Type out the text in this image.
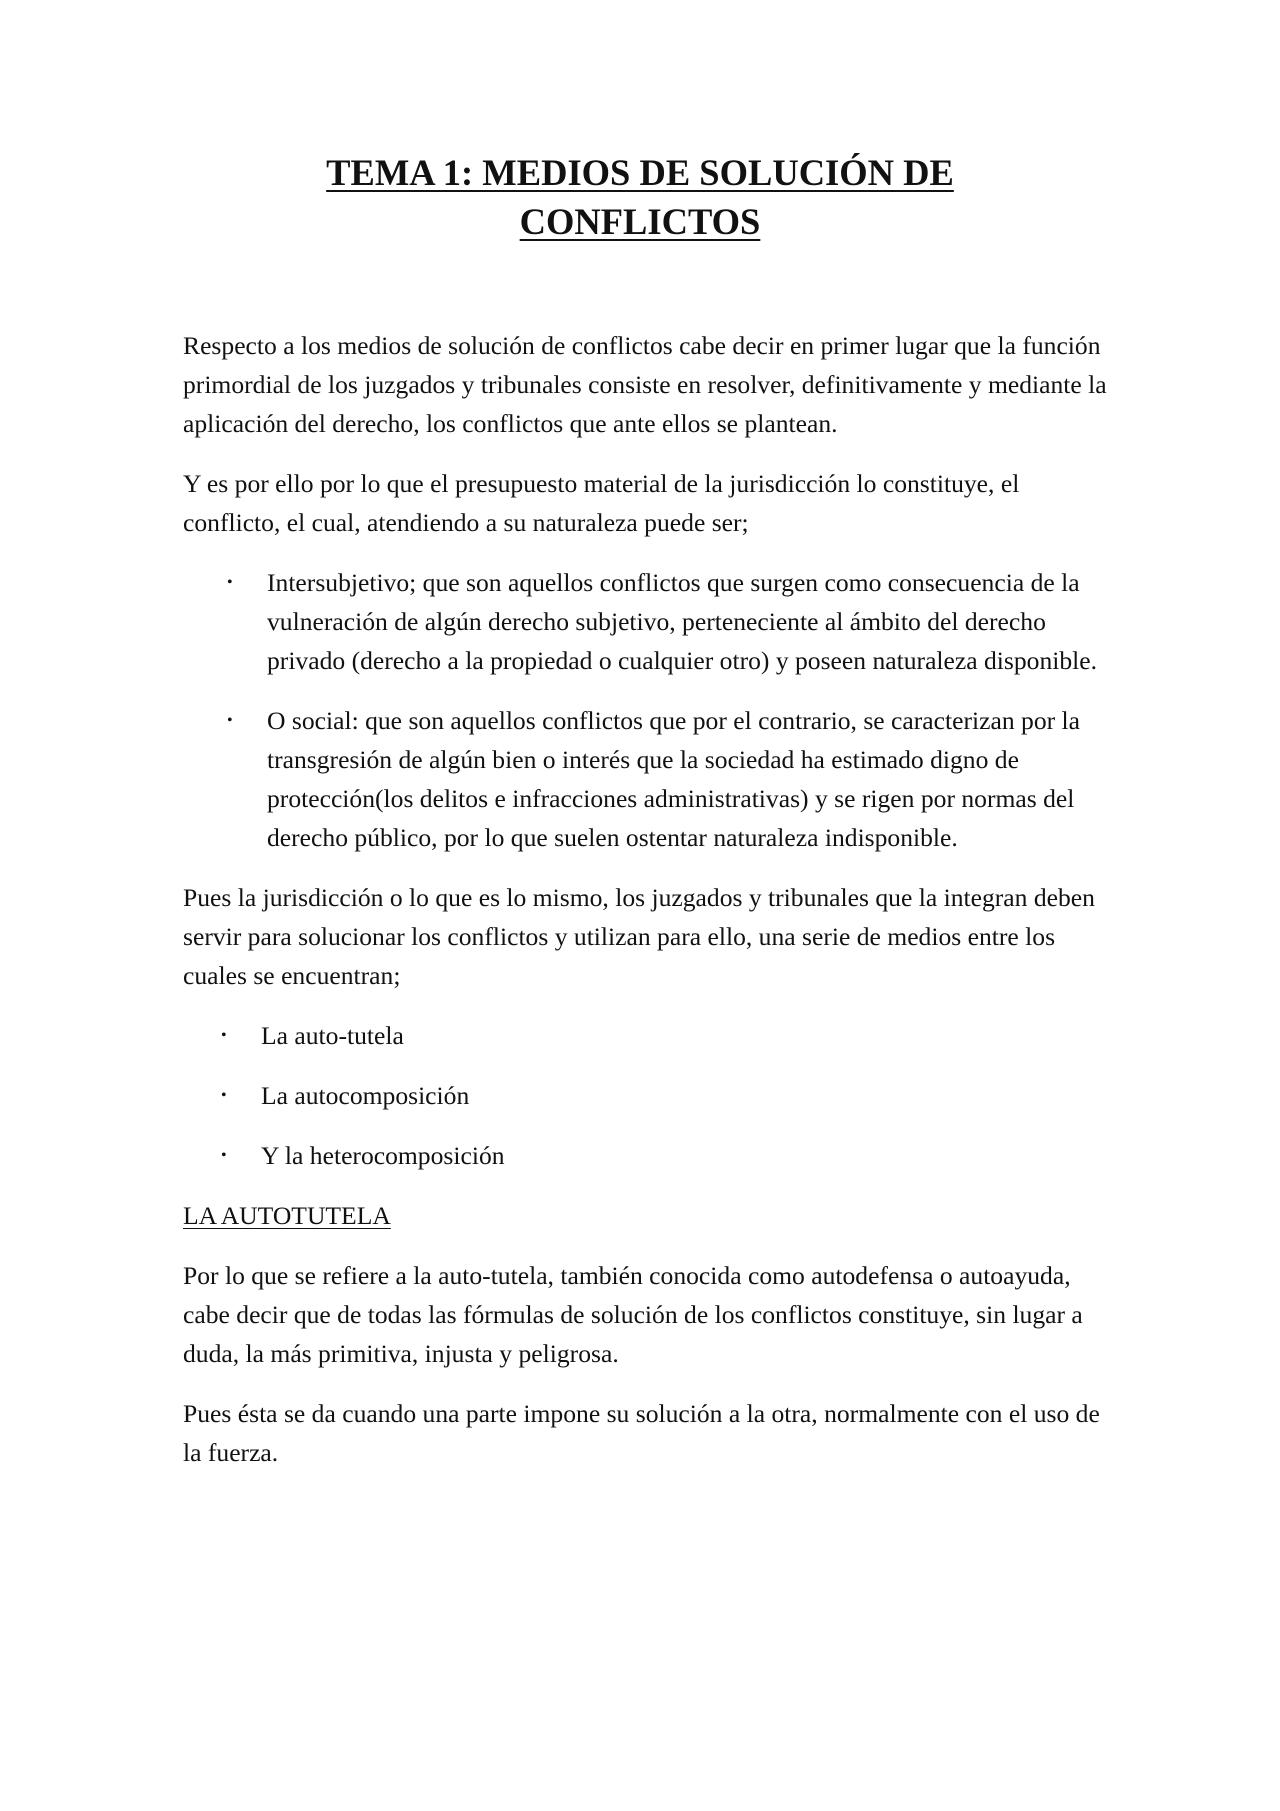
TEMA 1: MEDIOS DE SOLUCIÓN DE
CONFLICTOS

Respecto a los medios de solución de conflictos cabe decir en primer lugar que la función primordial de los juzgados y tribunales consiste en resolver, definitivamente y mediante la aplicación del derecho, los conflictos que ante ellos se plantean.

Y es por ello por lo que el presupuesto material de la jurisdicción lo constituye, el conflicto, el cual, atendiendo a su naturaleza puede ser;

• Intersubjetivo; que son aquellos conflictos que surgen como consecuencia de la vulneración de algún derecho subjetivo, perteneciente al ámbito del derecho privado (derecho a la propiedad o cualquier otro) y poseen naturaleza disponible.
• O social: que son aquellos conflictos que por el contrario, se caracterizan por la transgresión de algún bien o interés que la sociedad ha estimado digno de protección(los delitos e infracciones administrativas) y se rigen por normas del derecho público, por lo que suelen ostentar naturaleza indisponible.

Pues la jurisdicción o lo que es lo mismo, los juzgados y tribunales que la integran deben servir para solucionar los conflictos y utilizan para ello, una serie de medios entre los cuales se encuentran;

• La auto-tutela
• La autocomposición
• Y la heterocomposición

LA AUTOTUTELA

Por lo que se refiere a la auto-tutela, también conocida como autodefensa o autoayuda, cabe decir que de todas las fórmulas de solución de los conflictos constituye, sin lugar a duda, la más primitiva, injusta y peligrosa.

Pues ésta se da cuando una parte impone su solución a la otra, normalmente con el uso de la fuerza.
